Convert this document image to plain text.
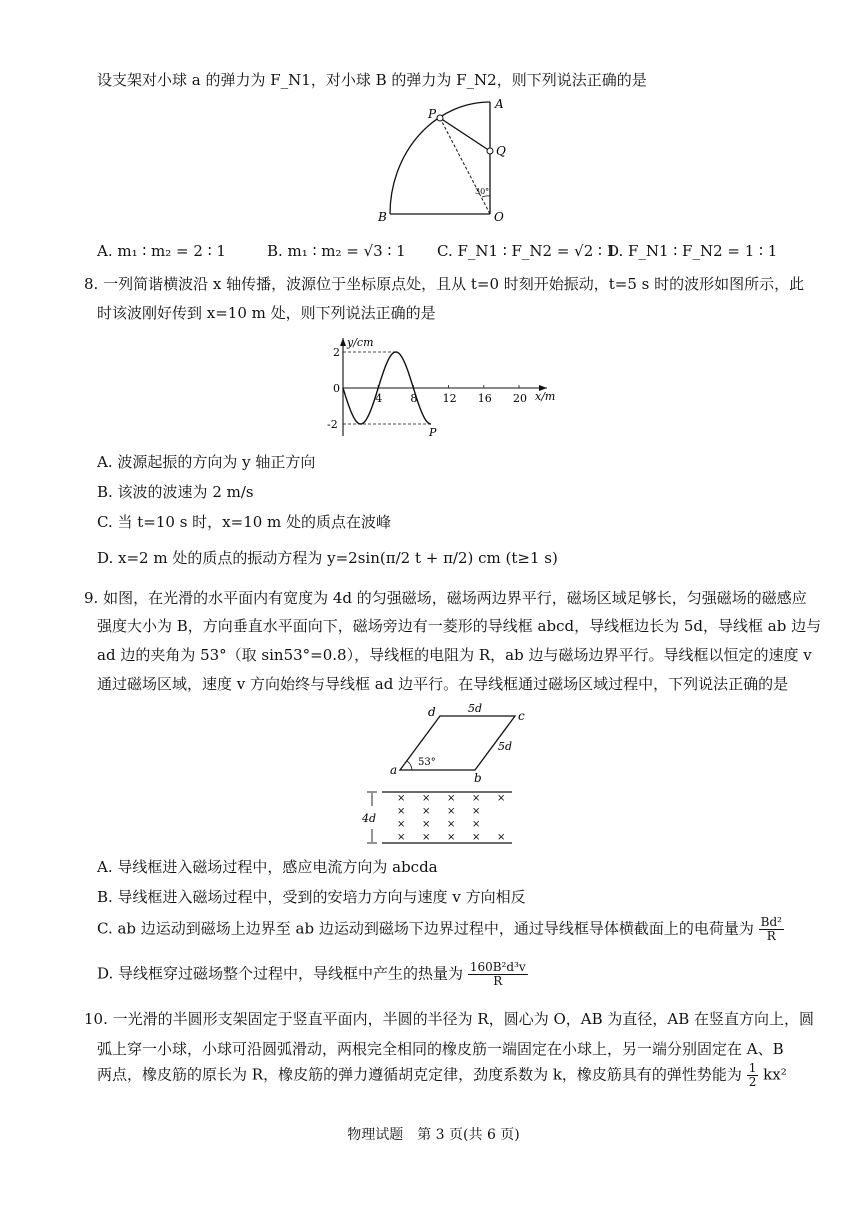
设支架对小球 a 的弹力为 F_N1，对小球 B 的弹力为 F_N2，则下列说法正确的是
P
A
Q
B	O
30°
A. m₁ ∶ m₂ = 2 ∶ 1	B. m₁ ∶ m₂ = √3 ∶ 1 C. F_N1 ∶ F_N2 = √2 ∶ 1
D. F_N1 ∶ F_N2 = 1 ∶ 1
8. 一列简谐横波沿 x 轴传播，波源位于坐标原点处，且从 t=0 时刻开始振动，t=5 s 时的波形如图所示，此
时该波刚好传到 x=10 m 处，则下列说法正确的是
y/cm
x/m
4	8 12 16 20
2
0
-2
P
A. 波源起振的方向为 y 轴正方向
B. 该波的波速为 2 m/s
C. 当 t=10 s 时，x=10 m 处的质点在波峰
D. x=2 m 处的质点的振动方程为 y=2sin(π/2 t + π/2) cm (t≥1 s)
9. 如图，在光滑的水平面内有宽度为 4d 的匀强磁场，磁场两边界平行，磁场区域足够长，匀强磁场的磁感应
强度大小为 B，方向垂直水平面向下，磁场旁边有一菱形的导线框 abcd，导线框边长为 5d，导线框 ab 边与
ad 边的夹角为 53°（取 sin53°=0.8），导线框的电阻为 R，ab 边与磁场边界平行。导线框以恒定的速度 v
通过磁场区域，速度 v 方向始终与导线框 ad 边平行。在导线框通过磁场区域过程中，下列说法正确的是
d	5d
c
5d
53°
a
b
4d
× × × × ×
× × × ×
× × × ×
× × × × ×
A. 导线框进入磁场过程中，感应电流方向为 abcda
B. 导线框进入磁场过程中，受到的安培力方向与速度 v 方向相反
C. ab 边运动到磁场上边界至 ab 边运动到磁场下边界过程中，通过导线框导体横截面上的电荷量为 $\frac{\text{Bd²}}{R}$
D. 导线框穿过磁场整个过程中，导线框中产生的热量为 $\frac{\text{160B²d³v}}{R}$
10. 一光滑的半圆形支架固定于竖直平面内，半圆的半径为 R，圆心为 O，AB 为直径，AB 在竖直方向上，圆
弧上穿一小球，小球可沿圆弧滑动，两根完全相同的橡皮筋一端固定在小球上，另一端分别固定在 A、B
两点，橡皮筋的原长为 R，橡皮筋的弹力遵循胡克定律，劲度系数为 k，橡皮筋具有的弹性势能为 $\frac{1}{2} kx^2$
物理试题　第 3 页(共 6 页)
